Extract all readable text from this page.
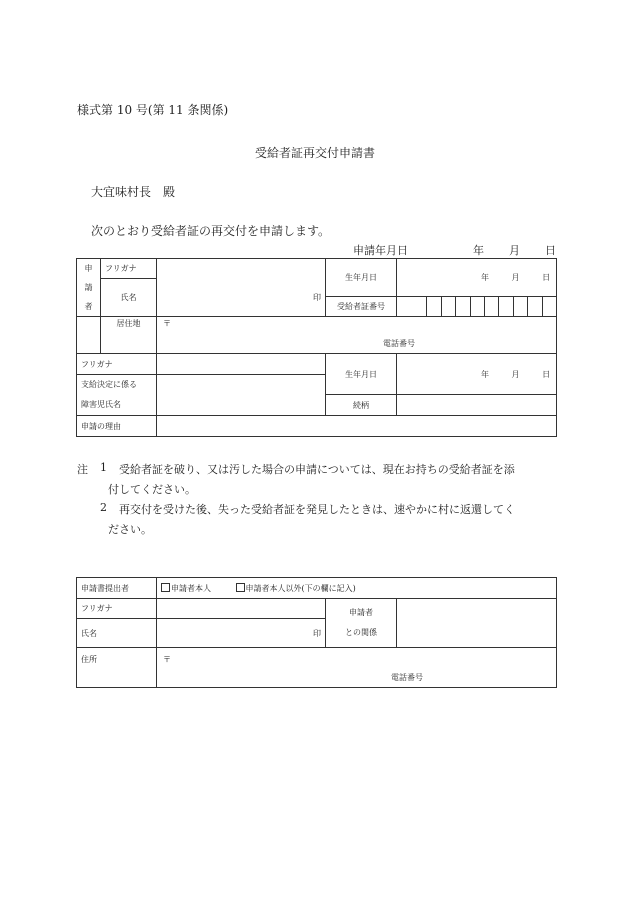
様式第 10 号(第 11 条関係)
受給者証再交付申請書
大宜味村長　殿
次のとおり受給者証の再交付を申請します。
申請年月日	年 月 日
申
請
者	フリガナ		生年月日	年 月 日
	氏名	印		

			受給者証番号	
	居住地	〒
電話番号
フリガナ		生年月日	年 月 日
支給決定に係る			
障害児氏名		続柄	
申請の理由			
注 1 受給者証を破り、又は汚した場合の申請については、現在お持ちの受給者証を添
付してください。
2 再交付を受けた後、失った受給者証を発見したときは、速やかに村に返還してく
ださい。
申請書提出者	申請者本人 申請者本人以外(下の欄に記入)		
フリガナ		申請者
との関係	

氏名	印		

住所	〒
電話番号		
